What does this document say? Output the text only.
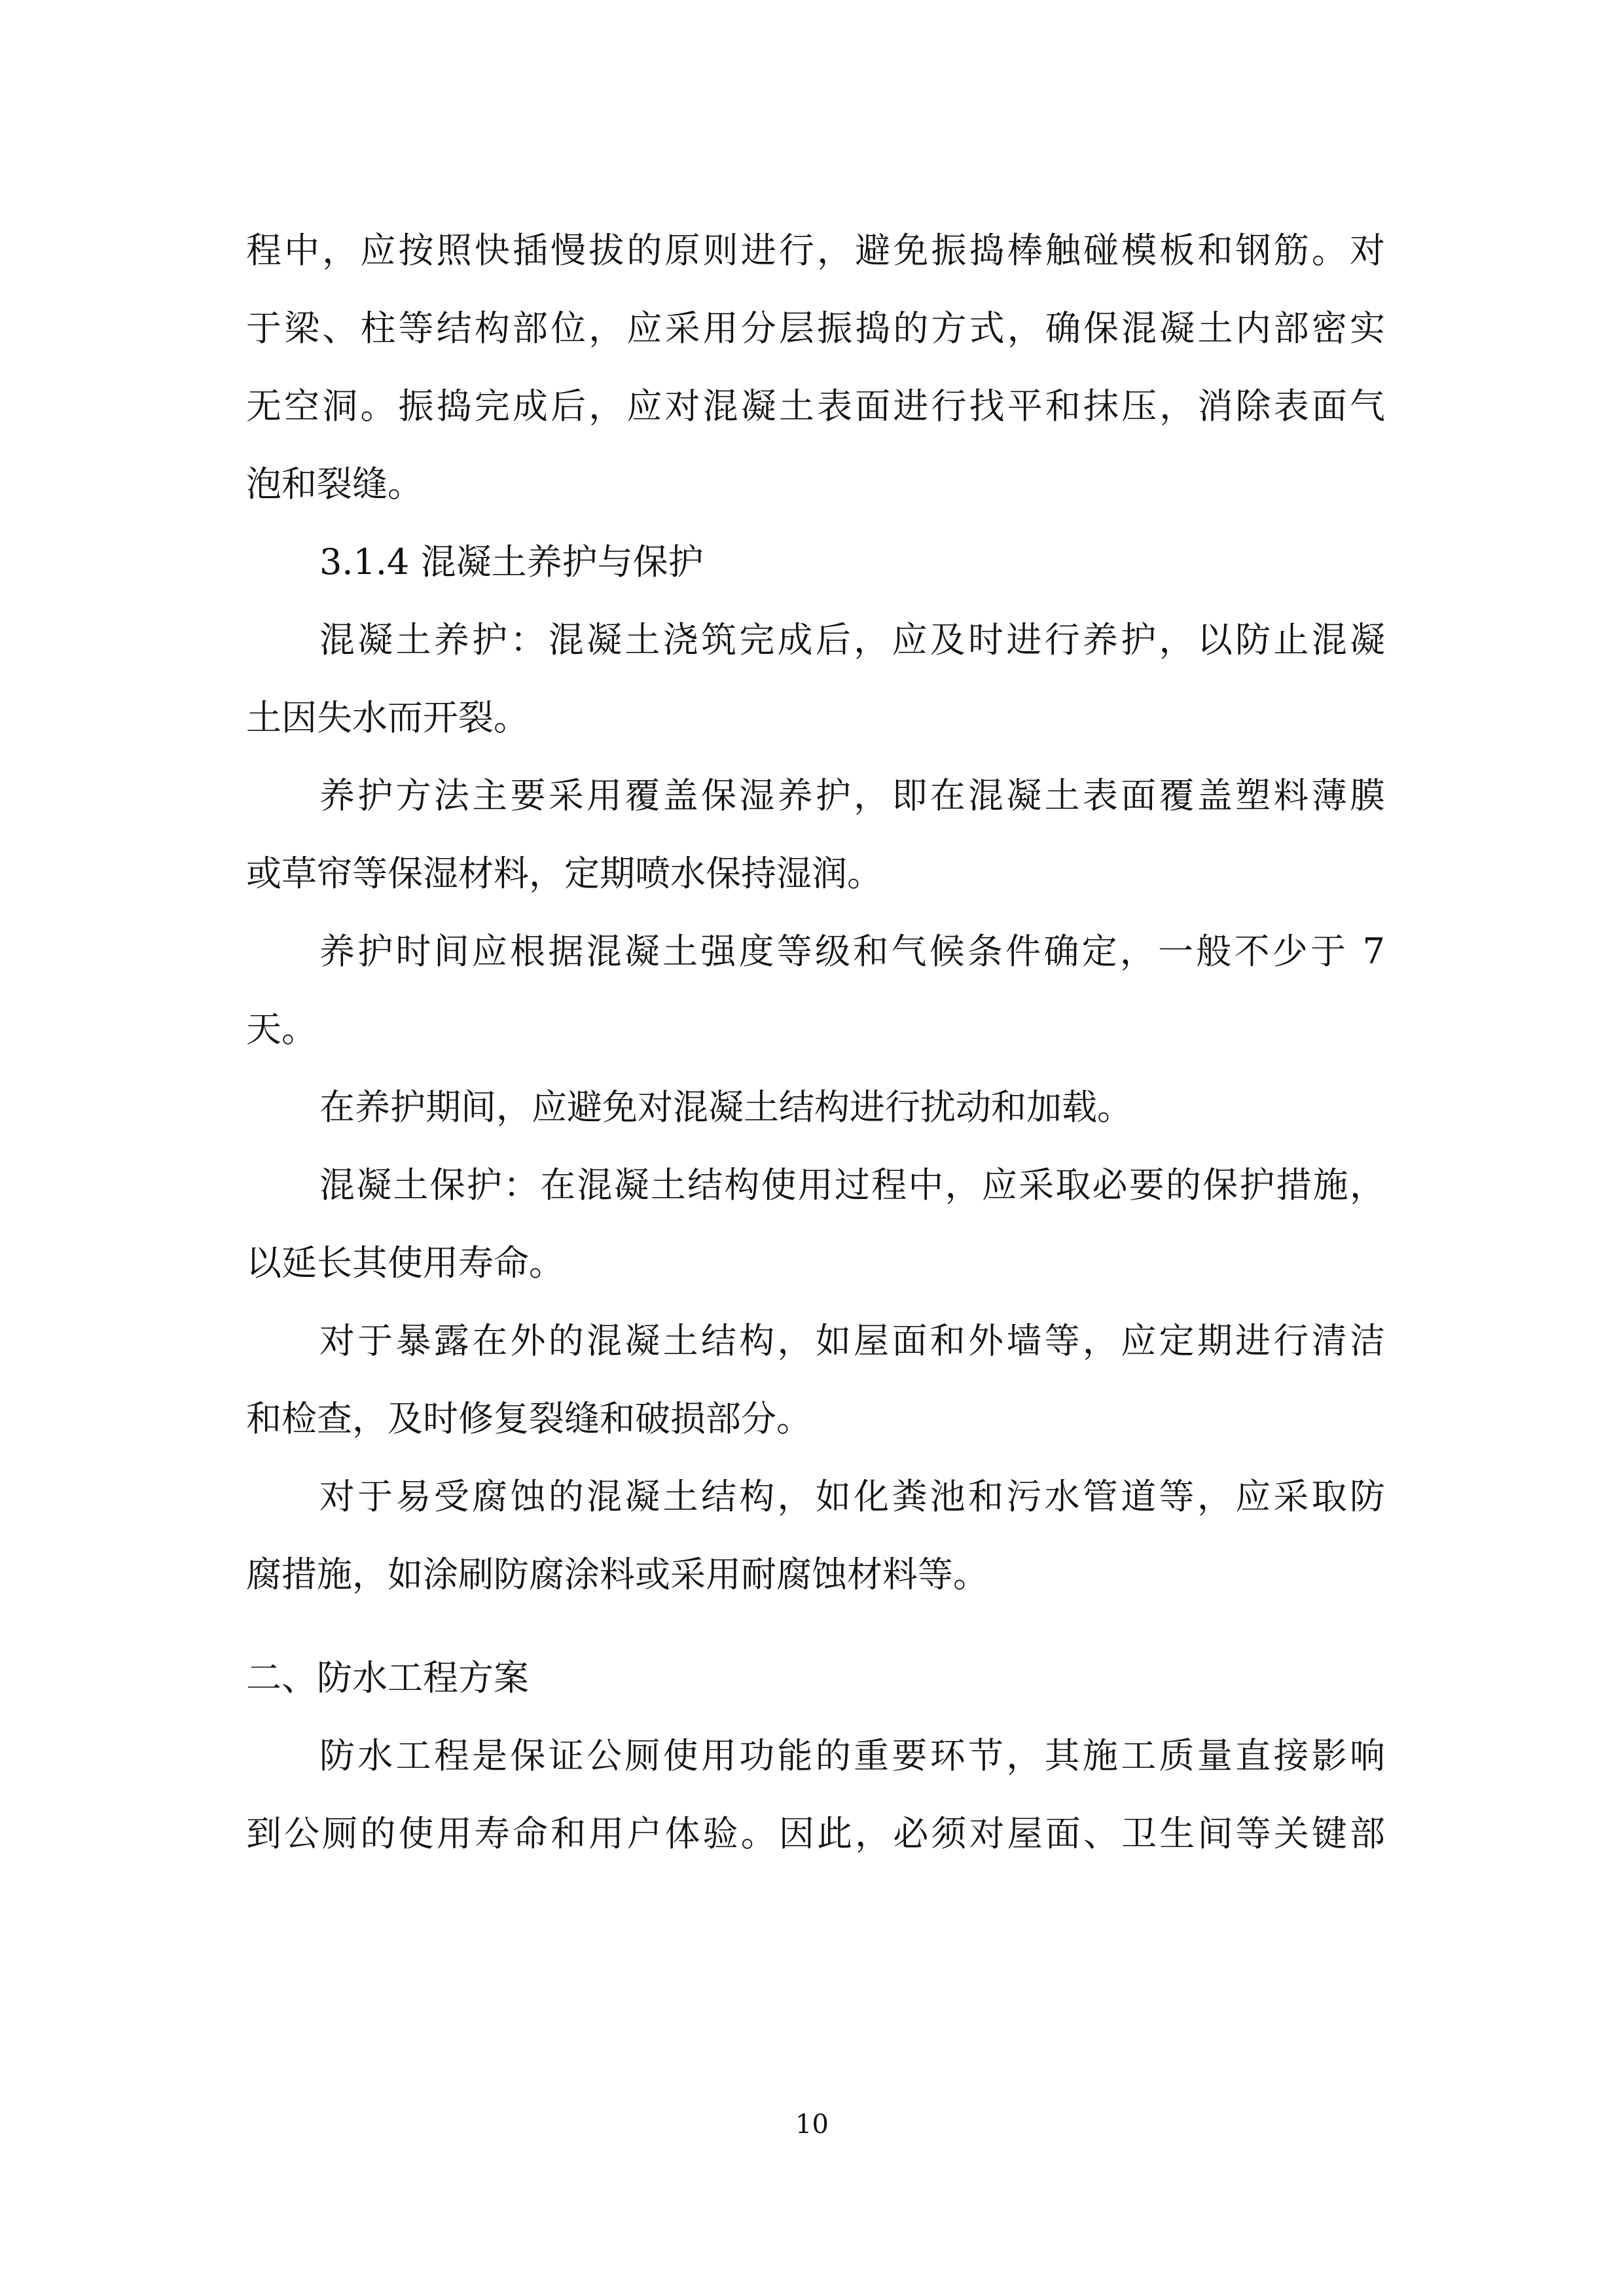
程中，应按照快插慢拔的原则进行，避免振捣棒触碰模板和钢筋。对
于梁、柱等结构部位，应采用分层振捣的方式，确保混凝土内部密实
无空洞。振捣完成后，应对混凝土表面进行找平和抹压，消除表面气
泡和裂缝。
3.1.4 混凝土养护与保护
混凝土养护：混凝土浇筑完成后，应及时进行养护，以防止混凝
土因失水而开裂。
养护方法主要采用覆盖保湿养护，即在混凝土表面覆盖塑料薄膜
或草帘等保湿材料，定期喷水保持湿润。
养护时间应根据混凝土强度等级和气候条件确定，一般不少于 7
天。
在养护期间，应避免对混凝土结构进行扰动和加载。
混凝土保护：在混凝土结构使用过程中，应采取必要的保护措施，
以延长其使用寿命。
对于暴露在外的混凝土结构，如屋面和外墙等，应定期进行清洁
和检查，及时修复裂缝和破损部分。
对于易受腐蚀的混凝土结构，如化粪池和污水管道等，应采取防
腐措施，如涂刷防腐涂料或采用耐腐蚀材料等。
二、防水工程方案
防水工程是保证公厕使用功能的重要环节，其施工质量直接影响
到公厕的使用寿命和用户体验。因此，必须对屋面、卫生间等关键部
10
